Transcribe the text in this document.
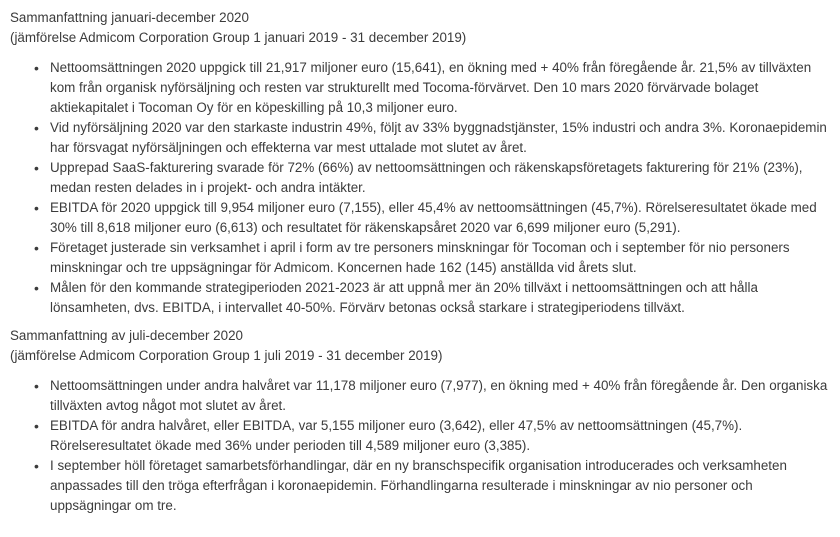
Sammanfattning januari-december 2020

(jämförelse Admicom Corporation Group 1 januari 2019 - 31 december 2019)

• Nettoomsättningen 2020 uppgick till 21,917 miljoner euro (15,641), en ökning med + 40% från föregående år. 21,5% av tillväxten kom från organisk nyförsäljning och resten var strukturellt med Tocoma-förvärvet. Den 10 mars 2020 förvärvade bolaget aktiekapitalet i Tocoman Oy för en köpeskilling på 10,3 miljoner euro.
• Vid nyförsäljning 2020 var den starkaste industrin 49%, följt av 33% byggnadstjänster, 15% industri och andra 3%. Koronaepidemin har försvagat nyförsäljningen och effekterna var mest uttalade mot slutet av året.
• Upprepad SaaS-fakturering svarade för 72% (66%) av nettoomsättningen och räkenskapsföretagets fakturering för 21% (23%), medan resten delades in i projekt- och andra intäkter.
• EBITDA för 2020 uppgick till 9,954 miljoner euro (7,155), eller 45,4% av nettoomsättningen (45,7%). Rörelseresultatet ökade med 30% till 8,618 miljoner euro (6,613) och resultatet för räkenskapsåret 2020 var 6,699 miljoner euro (5,291).
• Företaget justerade sin verksamhet i april i form av tre personers minskningar för Tocoman och i september för nio personers minskningar och tre uppsägningar för Admicom. Koncernen hade 162 (145) anställda vid årets slut.
• Målen för den kommande strategiperioden 2021-2023 är att uppnå mer än 20% tillväxt i nettoomsättningen och att hålla lönsamheten, dvs. EBITDA, i intervallet 40-50%. Förvärv betonas också starkare i strategiperiodens tillväxt.

Sammanfattning av juli-december 2020

(jämförelse Admicom Corporation Group 1 juli 2019 - 31 december 2019)

• Nettoomsättningen under andra halvåret var 11,178 miljoner euro (7,977), en ökning med + 40% från föregående år. Den organiska tillväxten avtog något mot slutet av året.
• EBITDA för andra halvåret, eller EBITDA, var 5,155 miljoner euro (3,642), eller 47,5% av nettoomsättningen (45,7%). Rörelseresultatet ökade med 36% under perioden till 4,589 miljoner euro (3,385).
• I september höll företaget samarbetsförhandlingar, där en ny branschspecifik organisation introducerades och verksamheten anpassades till den tröga efterfrågan i koronaepidemin. Förhandlingarna resulterade i minskningar av nio personer och uppsägningar om tre.
